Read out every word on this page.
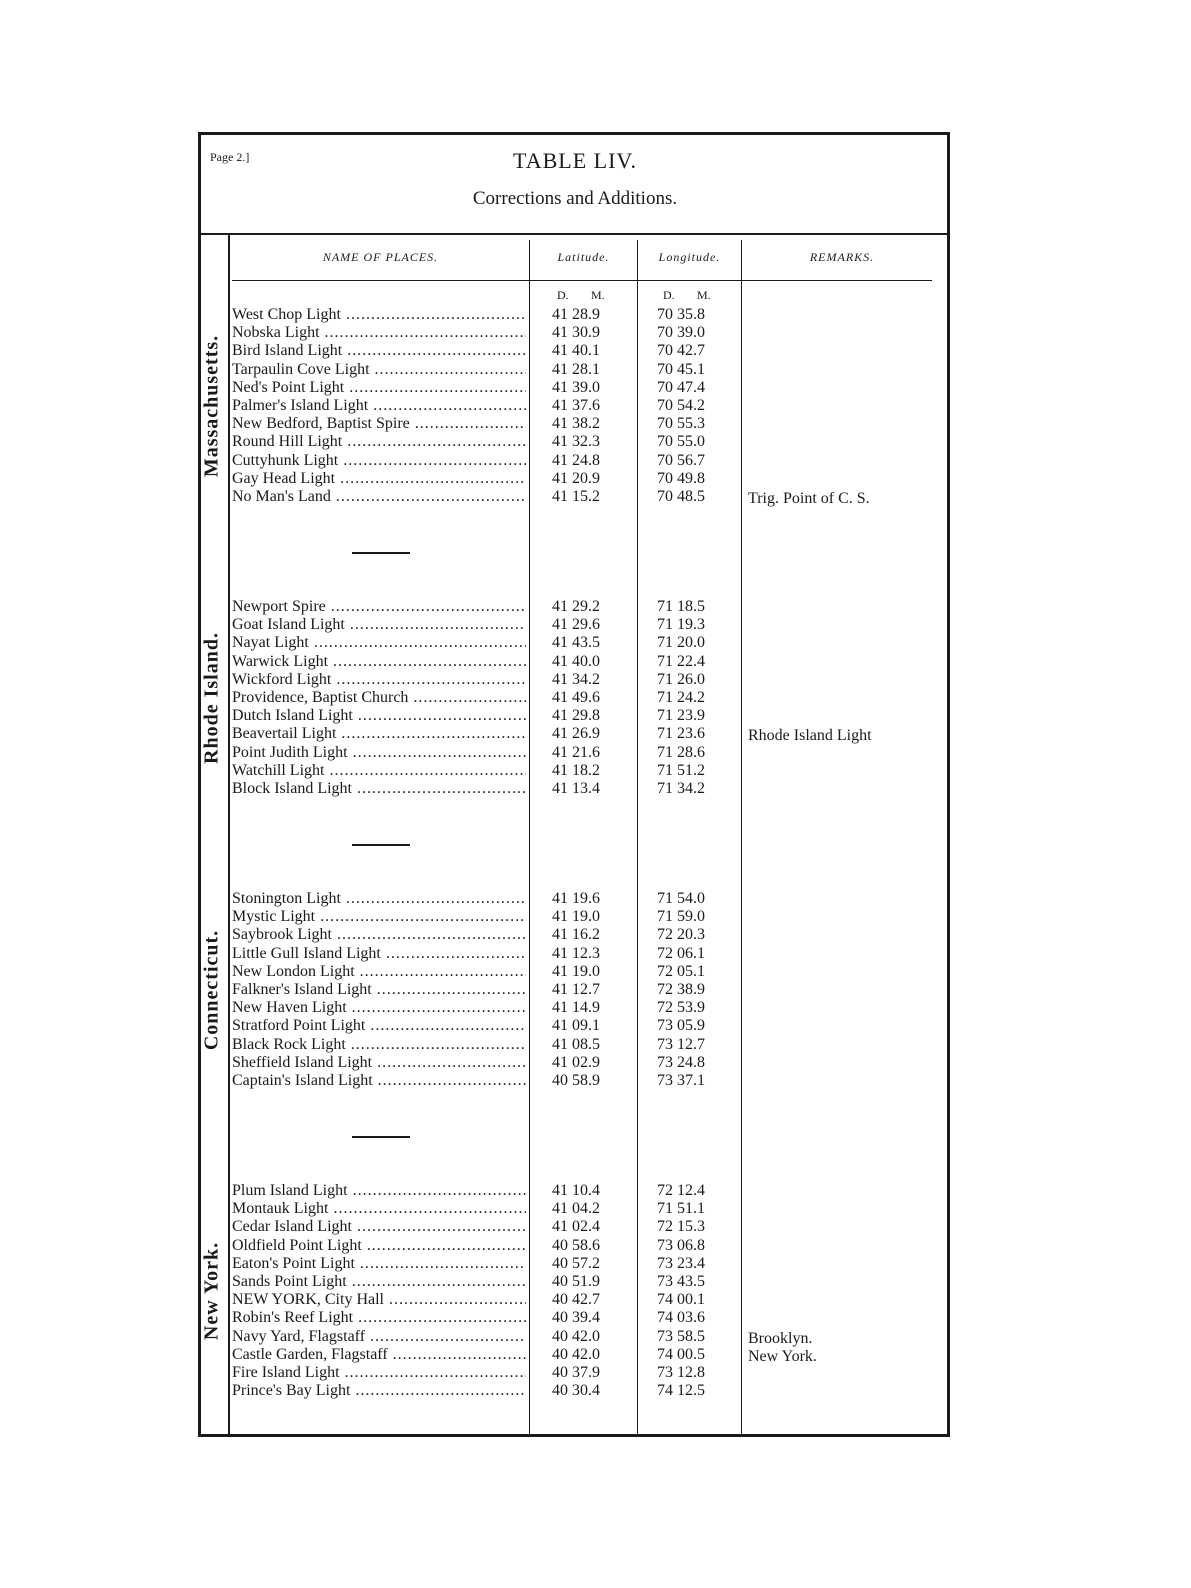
Page 2.]	TABLE LIV.
Corrections and Additions.
NAME OF PLACES.	Latitude.	Longitude.	REMARKS.
D. M.	D. M.
Massachusetts.
West Chop Light .....	41 28.9	70 35.8
Nobska Light .....	41 30.9	70 39.0
Bird Island Light .....	41 40.1	70 42.7
Tarpaulin Cove Light .....	41 28.1	70 45.1
Ned's Point Light .....	41 39.0	70 47.4
Palmer's Island Light .....	41 37.6	70 54.2
New Bedford, Baptist Spire .....	41 38.2	70 55.3
Round Hill Light .....	41 32.3	70 55.0
Cuttyhunk Light .....	41 24.8	70 56.7
Gay Head Light .....	41 20.9	70 49.8
No Man's Land .....	41 15.2	70 48.5	Trig. Point of C. S.
Rhode Island.
Newport Spire .....	41 29.2	71 18.5
Goat Island Light .....	41 29.6	71 19.3
Nayat Light .....	41 43.5	71 20.0
Warwick Light .....	41 40.0	71 22.4
Wickford Light .....	41 34.2	71 26.0
Providence, Baptist Church .....	41 49.6	71 24.2
Dutch Island Light .....	41 29.8	71 23.9
Beavertail Light .....	41 26.9	71 23.6	Rhode Island Light
Point Judith Light .....	41 21.6	71 28.6
Watchill Light .....	41 18.2	71 51.2
Block Island Light .....	41 13.4	71 34.2
Connecticut.
Stonington Light .....	41 19.6	71 54.0
Mystic Light .....	41 19.0	71 59.0
Saybrook Light .....	41 16.2	72 20.3
Little Gull Island Light .....	41 12.3	72 06.1
New London Light .....	41 19.0	72 05.1
Falkner's Island Light .....	41 12.7	72 38.9
New Haven Light .....	41 14.9	72 53.9
Stratford Point Light .....	41 09.1	73 05.9
Black Rock Light .....	41 08.5	73 12.7
Sheffield Island Light .....	41 02.9	73 24.8
Captain's Island Light .....	40 58.9	73 37.1
New York.
Plum Island Light .....	41 10.4	72 12.4
Montauk Light .....	41 04.2	71 51.1
Cedar Island Light .....	41 02.4	72 15.3
Oldfield Point Light .....	40 58.6	73 06.8
Eaton's Point Light .....	40 57.2	73 23.4
Sands Point Light .....	40 51.9	73 43.5
NEW YORK, City Hall .....	40 42.7	74 00.1
Robin's Reef Light .....	40 39.4	74 03.6
Navy Yard, Flagstaff .....	40 42.0	73 58.5	Brooklyn.
Castle Garden, Flagstaff .....	40 42.0	74 00.5	New York.
Fire Island Light .....	40 37.9	73 12.8
Prince's Bay Light .....	40 30.4	74 12.5
